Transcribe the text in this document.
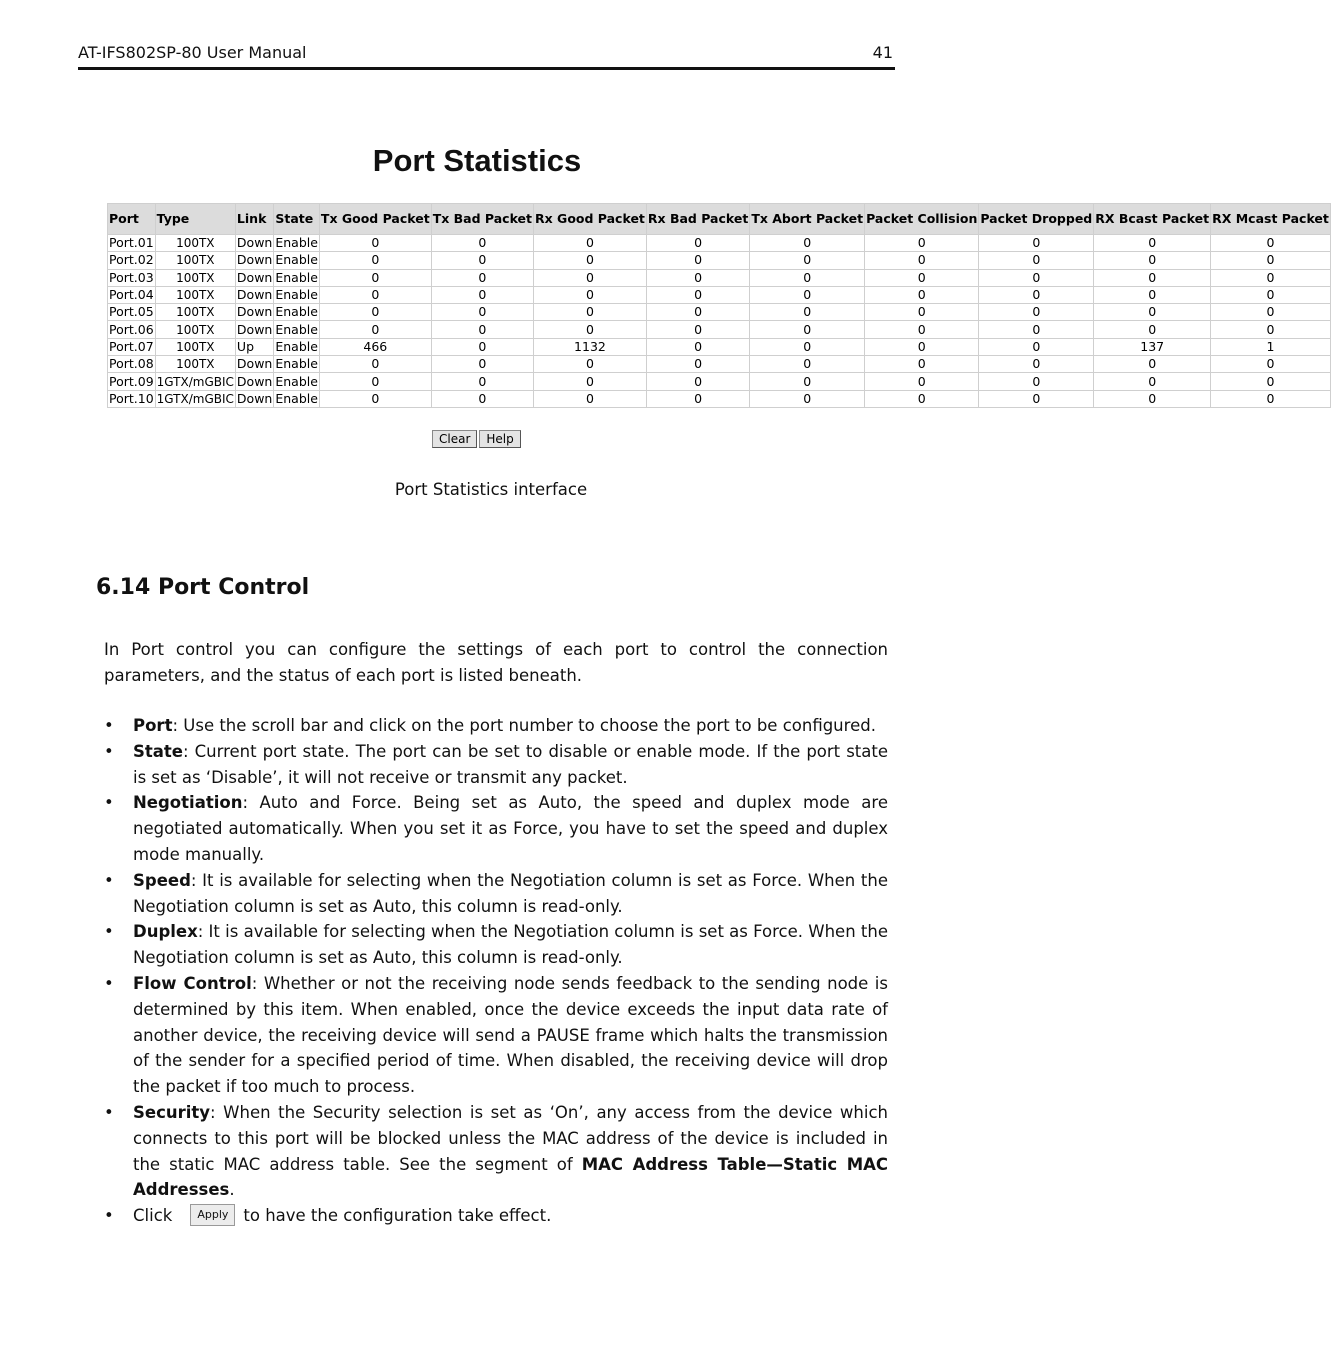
AT-IFS802SP-80 User Manual	41
Port Statistics
Port	Type	Link	State	Tx Good Packet	Tx Bad Packet	Rx Good Packet	Rx Bad Packet	Tx Abort Packet	Packet Collision	Packet Dropped	RX Bcast Packet	RX Mcast Packet
Port.01	100TX	Down	Enable	0	0	0	0	0	0	0	0	0
Port.02	100TX	Down	Enable	0	0	0	0	0	0	0	0	0
Port.03	100TX	Down	Enable	0	0	0	0	0	0	0	0	0
Port.04	100TX	Down	Enable	0	0	0	0	0	0	0	0	0
Port.05	100TX	Down	Enable	0	0	0	0	0	0	0	0	0
Port.06	100TX	Down	Enable	0	0	0	0	0	0	0	0	0
Port.07	100TX	Up	Enable	466	0	1132	0	0	0	0	137	1
Port.08	100TX	Down	Enable	0	0	0	0	0	0	0	0	0
Port.09	1GTX/mGBIC	Down	Enable	0	0	0	0	0	0	0	0	0
Port.10	1GTX/mGBIC	Down	Enable	0	0	0	0	0	0	0	0	0
Clear Help
Port Statistics interface
6.14 Port Control
In Port control you can configure the settings of each port to control the connection parameters, and the status of each port is listed beneath.
• Port: Use the scroll bar and click on the port number to choose the port to be configured.
• State: Current port state. The port can be set to disable or enable mode. If the port state is set as ‘Disable’, it will not receive or transmit any packet.
• Negotiation: Auto and Force. Being set as Auto, the speed and duplex mode are negotiated automatically. When you set it as Force, you have to set the speed and duplex mode manually.
• Speed: It is available for selecting when the Negotiation column is set as Force. When the Negotiation column is set as Auto, this column is read-only.
• Duplex: It is available for selecting when the Negotiation column is set as Force. When the Negotiation column is set as Auto, this column is read-only.
• Flow Control: Whether or not the receiving node sends feedback to the sending node is determined by this item. When enabled, once the device exceeds the input data rate of another device, the receiving device will send a PAUSE frame which halts the transmission of the sender for a specified period of time. When disabled, the receiving device will drop the packet if too much to process.
• Security: When the Security selection is set as ‘On’, any access from the device which connects to this port will be blocked unless the MAC address of the device is included in the static MAC address table. See the segment of MAC Address Table—Static MAC Addresses.
• Click Apply to have the configuration take effect.
